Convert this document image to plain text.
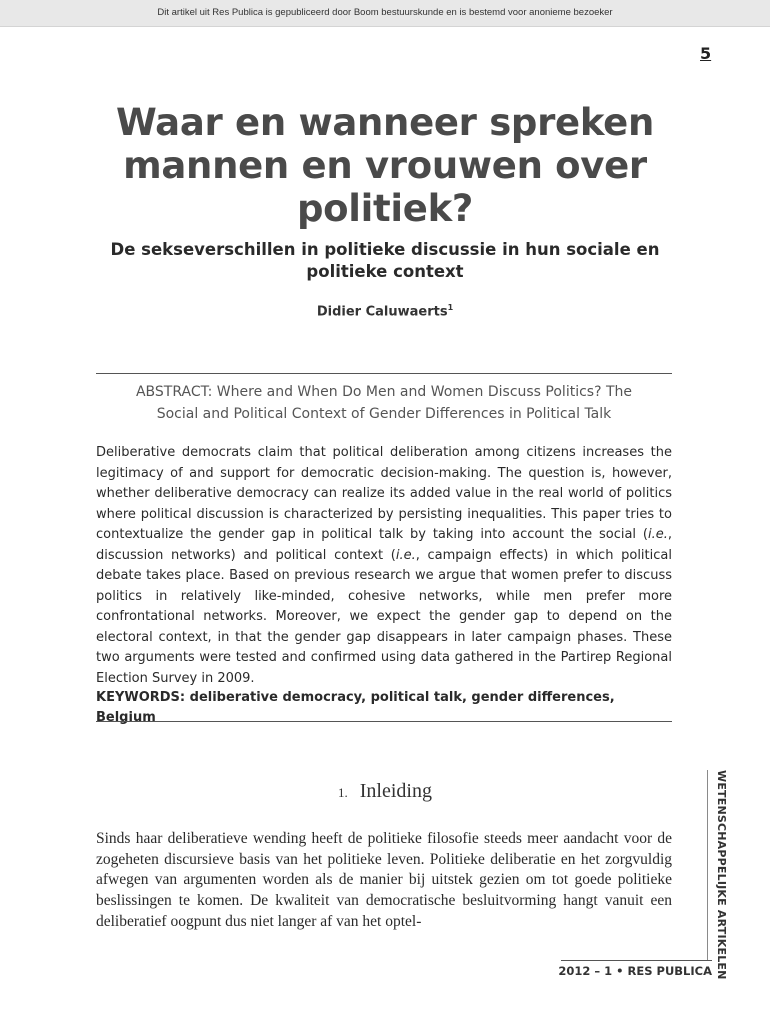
Dit artikel uit Res Publica is gepubliceerd door Boom bestuurskunde en is bestemd voor anonieme bezoeker
5
Waar en wanneer spreken
mannen en vrouwen over
politiek?
De sekseverschillen in politieke discussie in hun sociale en
politieke context
Didier Caluwaerts$^1$
ABSTRACT: Where and When Do Men and Women Discuss Politics? The
Social and Political Context of Gender Differences in Political Talk

Deliberative democrats claim that political deliberation among citizens increases the legitimacy of and support for democratic decision-making. The question is, however, whether deliberative democracy can realize its added value in the real world of politics where political discussion is characterized by persisting inequalities. This paper tries to contextualize the gender gap in political talk by taking into account the social (i.e., discussion networks) and political context (i.e., campaign effects) in which political debate takes place. Based on previous research we argue that women prefer to discuss politics in relatively like-minded, cohesive networks, while men prefer more confrontational networks. Moreover, we expect the gender gap to depend on the electoral context, in that the gender gap disappears in later campaign phases. These two arguments were tested and confirmed using data gathered in the Partirep Regional Election Survey in 2009.

KEYWORDS: deliberative democracy, political talk, gender differences, Belgium
1. Inleiding

Sinds haar deliberatieve wending heeft de politieke filosofie steeds meer aandacht voor de zogeheten discursieve basis van het politieke leven. Politieke deliberatie en het zorgvuldig afwegen van argumenten worden als de manier bij uitstek gezien om tot goede politieke beslissingen te komen. De kwaliteit van democratische besluitvorming hangt vanuit een deliberatief oogpunt dus niet langer af van het optel-	WETENSCHAPPELIJKE ARTIKELEN
2012 – 1 • RES PUBLICA
